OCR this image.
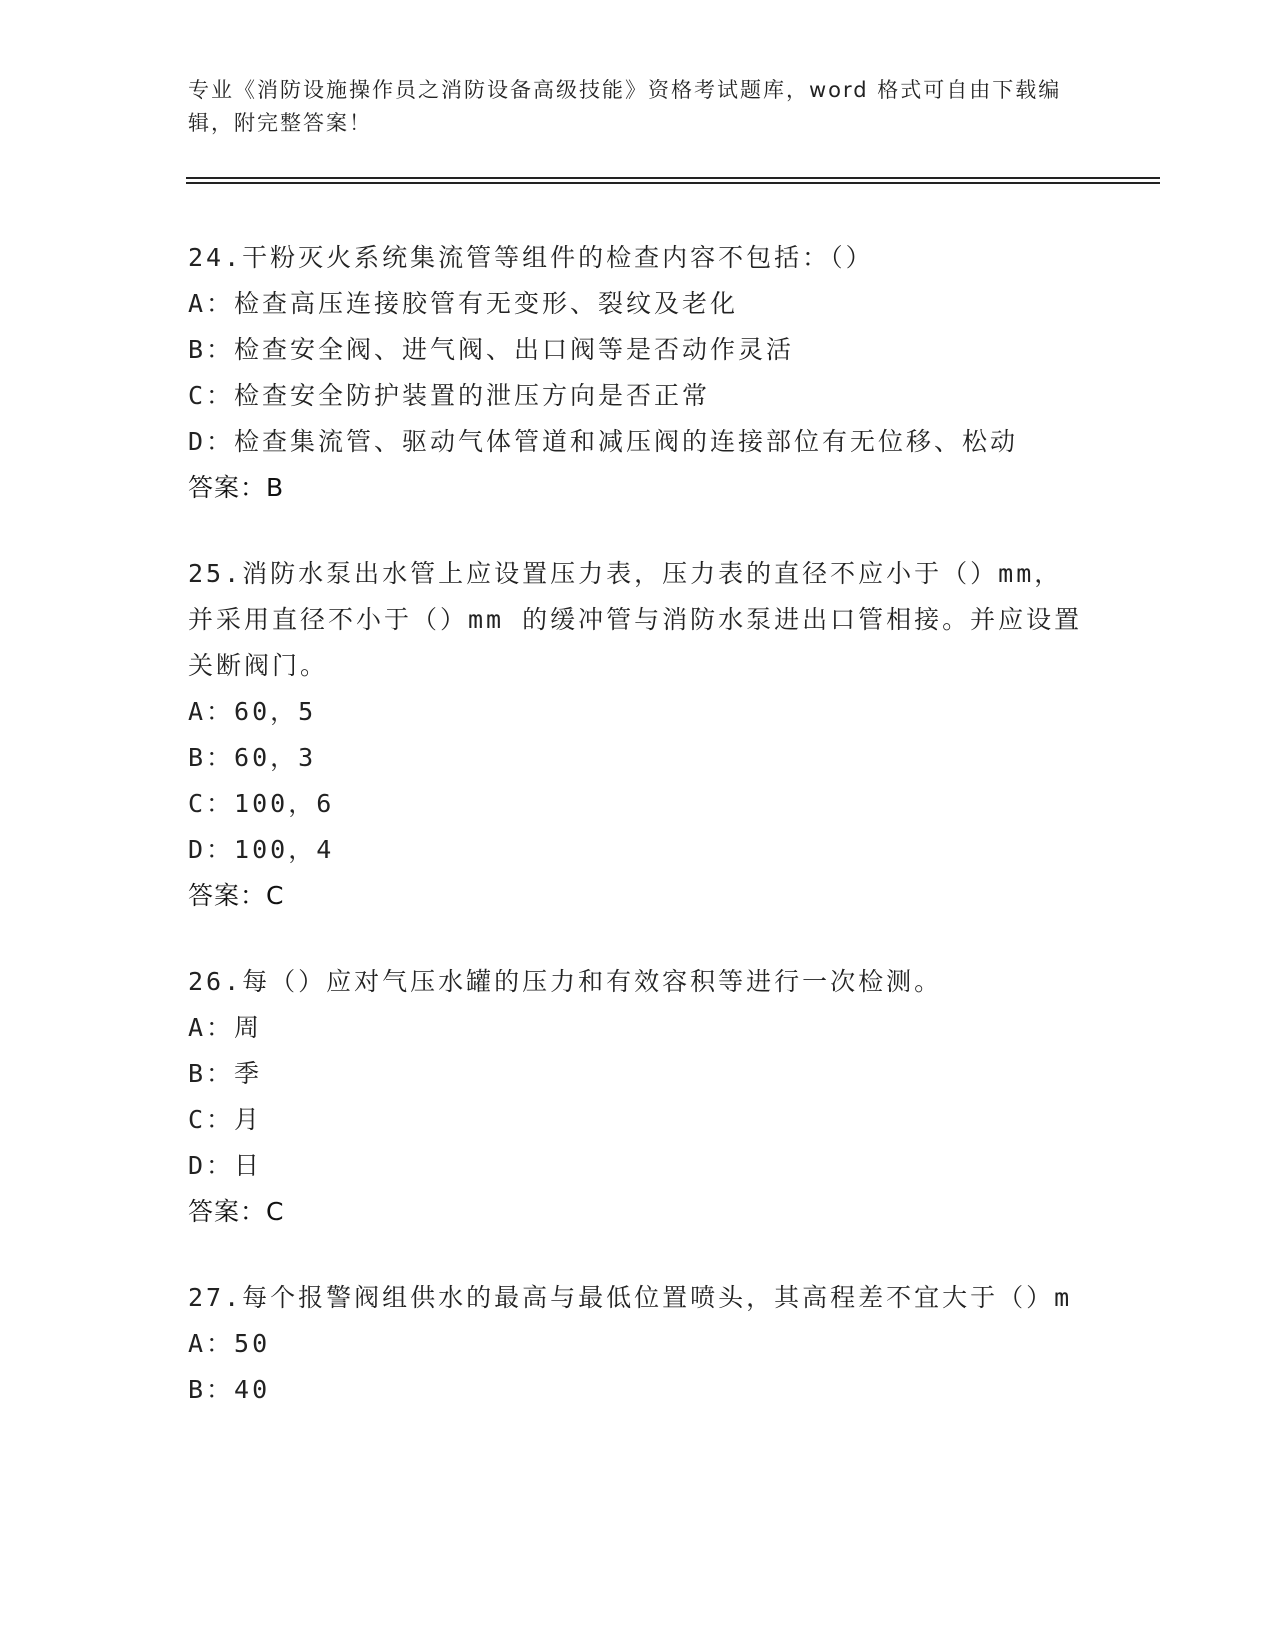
专业《消防设施操作员之消防设备高级技能》资格考试题库，word 格式可自由下载编辑，附完整答案！
24.干粉灭火系统集流管等组件的检查内容不包括：（）
A：检查高压连接胶管有无变形、裂纹及老化
B：检查安全阀、进气阀、出口阀等是否动作灵活
C：检查安全防护装置的泄压方向是否正常
D：检查集流管、驱动气体管道和减压阀的连接部位有无位移、松动
答案：B
25.消防水泵出水管上应设置压力表，压力表的直径不应小于（）mm，并采用直径不小于（）mm 的缓冲管与消防水泵进出口管相接。并应设置关断阀门。
A：60，5
B：60，3
C：100，6
D：100，4
答案：C
26.每（）应对气压水罐的压力和有效容积等进行一次检测。
A：周
B：季
C：月
D：日
答案：C
27.每个报警阀组供水的最高与最低位置喷头，其高程差不宜大于（）m
A：50
B：40
